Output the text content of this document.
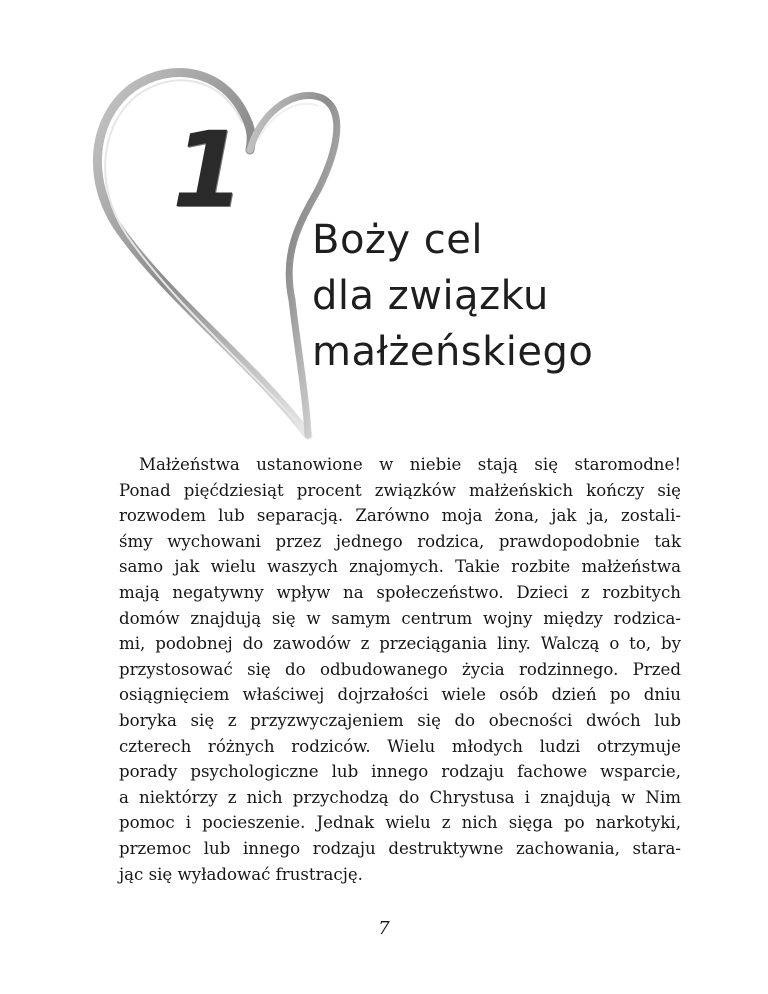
1
Boży cel
dla związku
małżeńskiego
Małżeństwa ustanowione w niebie stają się staromodne!
Ponad pięćdziesiąt procent związków małżeńskich kończy się
rozwodem lub separacją. Zarówno moja żona, jak ja, zostali-
śmy wychowani przez jednego rodzica, prawdopodobnie tak
samo jak wielu waszych znajomych. Takie rozbite małżeństwa
mają negatywny wpływ na społeczeństwo. Dzieci z rozbitych
domów znajdują się w samym centrum wojny między rodzica-
mi, podobnej do zawodów z przeciągania liny. Walczą o to, by
przystosować się do odbudowanego życia rodzinnego. Przed
osiągnięciem właściwej dojrzałości wiele osób dzień po dniu
boryka się z przyzwyczajeniem się do obecności dwóch lub
czterech różnych rodziców. Wielu młodych ludzi otrzymuje
porady psychologiczne lub innego rodzaju fachowe wsparcie,
a niektórzy z nich przychodzą do Chrystusa i znajdują w Nim
pomoc i pocieszenie. Jednak wielu z nich sięga po narkotyki,
przemoc lub innego rodzaju destruktywne zachowania, stara-
jąc się wyładować frustrację.
7
